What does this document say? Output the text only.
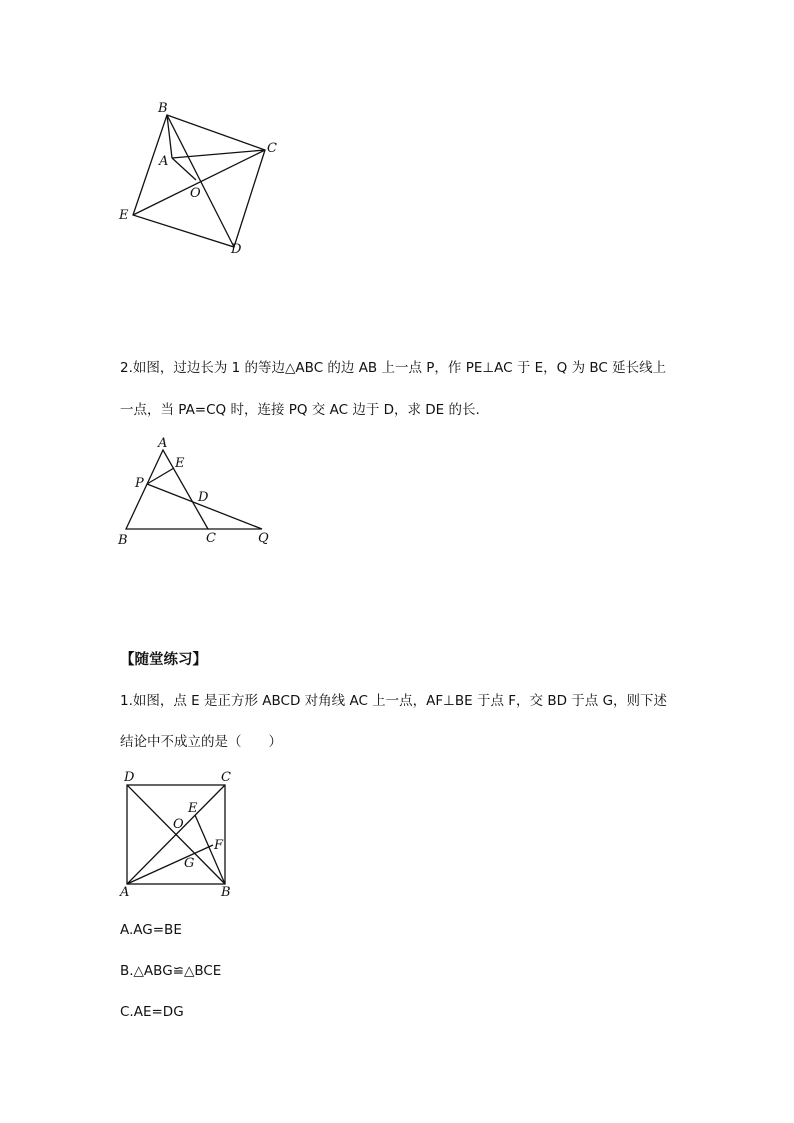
B
C
A
O
E
D
2.如图，过边长为 1 的等边△ABC 的边 AB 上一点 P，作 PE⊥AC 于 E，Q 为 BC 延长线上
一点，当 PA=CQ 时，连接 PQ 交 AC 边于 D，求 DE 的长.
A
E
P
D
B	C	Q
【随堂练习】
1.如图，点 E 是正方形 ABCD 对角线 AC 上一点，AF⊥BE 于点 F，交 BD 于点 G，则下述
结论中不成立的是（　　）
D	C
E
O
F
G
A	B
A.AG=BE
B.△ABG≌△BCE
C.AE=DG
